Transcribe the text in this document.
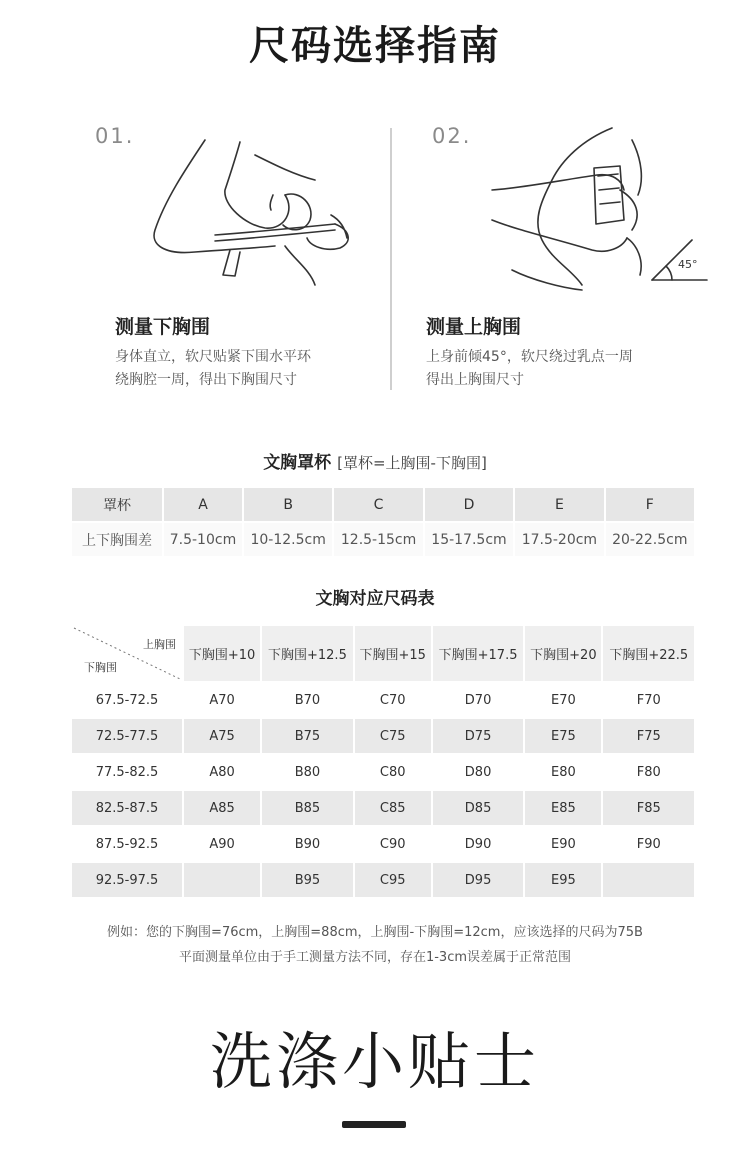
尺码选择指南
01.
测量下胸围
身体直立，软尺贴紧下围水平环
绕胸腔一周，得出下胸围尺寸
02.
45°
测量上胸围
上身前倾45°，软尺绕过乳点一周
得出上胸围尺寸
文胸罩杯 [罩杯=上胸围-下胸围]
罩杯	A	B	C	D	E	F
上下胸围差	7.5-10cm	10-12.5cm	12.5-15cm	15-17.5cm	17.5-20cm	20-22.5cm
文胸对应尺码表
上胸围
下胸围	下胸围+10	下胸围+12.5	下胸围+15	下胸围+17.5	下胸围+20	下胸围+22.5
67.5-72.5	A70	B70	C70	D70	E70	F70
72.5-77.5	A75	B75	C75	D75	E75	F75
77.5-82.5	A80	B80	C80	D80	E80	F80
82.5-87.5	A85	B85	C85	D85	E85	F85
87.5-92.5	A90	B90	C90	D90	E90	F90
92.5-97.5		B95	C95	D95	E95	
例如：您的下胸围=76cm，上胸围=88cm，上胸围-下胸围=12cm，应该选择的尺码为75B
平面测量单位由于手工测量方法不同，存在1-3cm误差属于正常范围
洗涤小贴士
